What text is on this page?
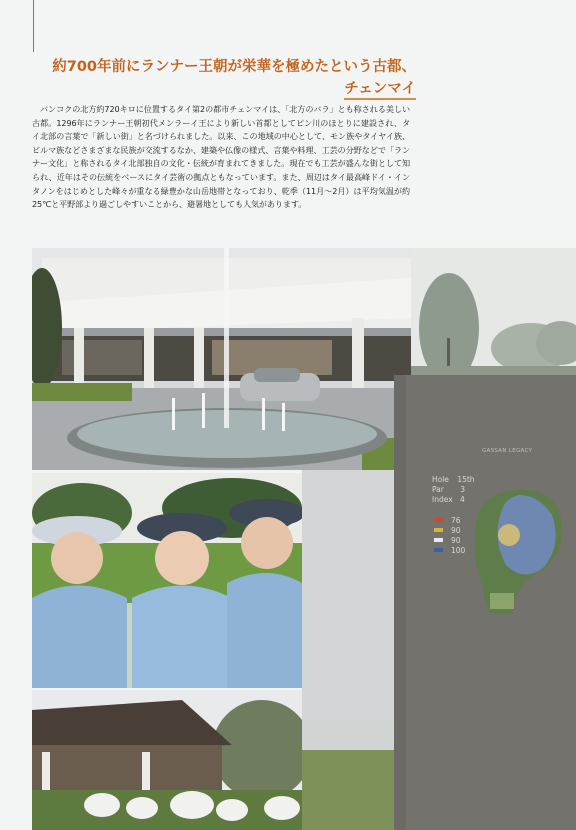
約700年前にランナー王朝が栄華を極めたという古都、
チェンマイ

バンコクの北方約720キロに位置するタイ第2の都市チェンマイは、「北方のバラ」とも称される美しい古都。1296年にランナー王朝初代メンラーイ王により新しい首都としてピン川のほとりに建設され、タイ北部の言葉で「新しい街」と名づけられました。以来、この地域の中心として、モン族やタイヤイ族、ビルマ族などさまざまな民族が交流するなか、建築や仏像の様式、言葉や料理、工芸の分野などで「ランナー文化」と称されるタイ北部独自の文化・伝統が育まれてきました。現在でも工芸が盛んな街として知られ、近年はその伝統をベースにタイ芸術の拠点ともなっています。また、周辺はタイ最高峰ドイ・インタノンをはじめとした峰々が重なる緑豊かな山岳地帯となっており、乾季（11月～2月）は平均気温が約25℃と平野部より過ごしやすいことから、避暑地としても人気があります。

GASSAN LEGACY
Hole 15th
Par 3
Index 4
76
90
90
100
